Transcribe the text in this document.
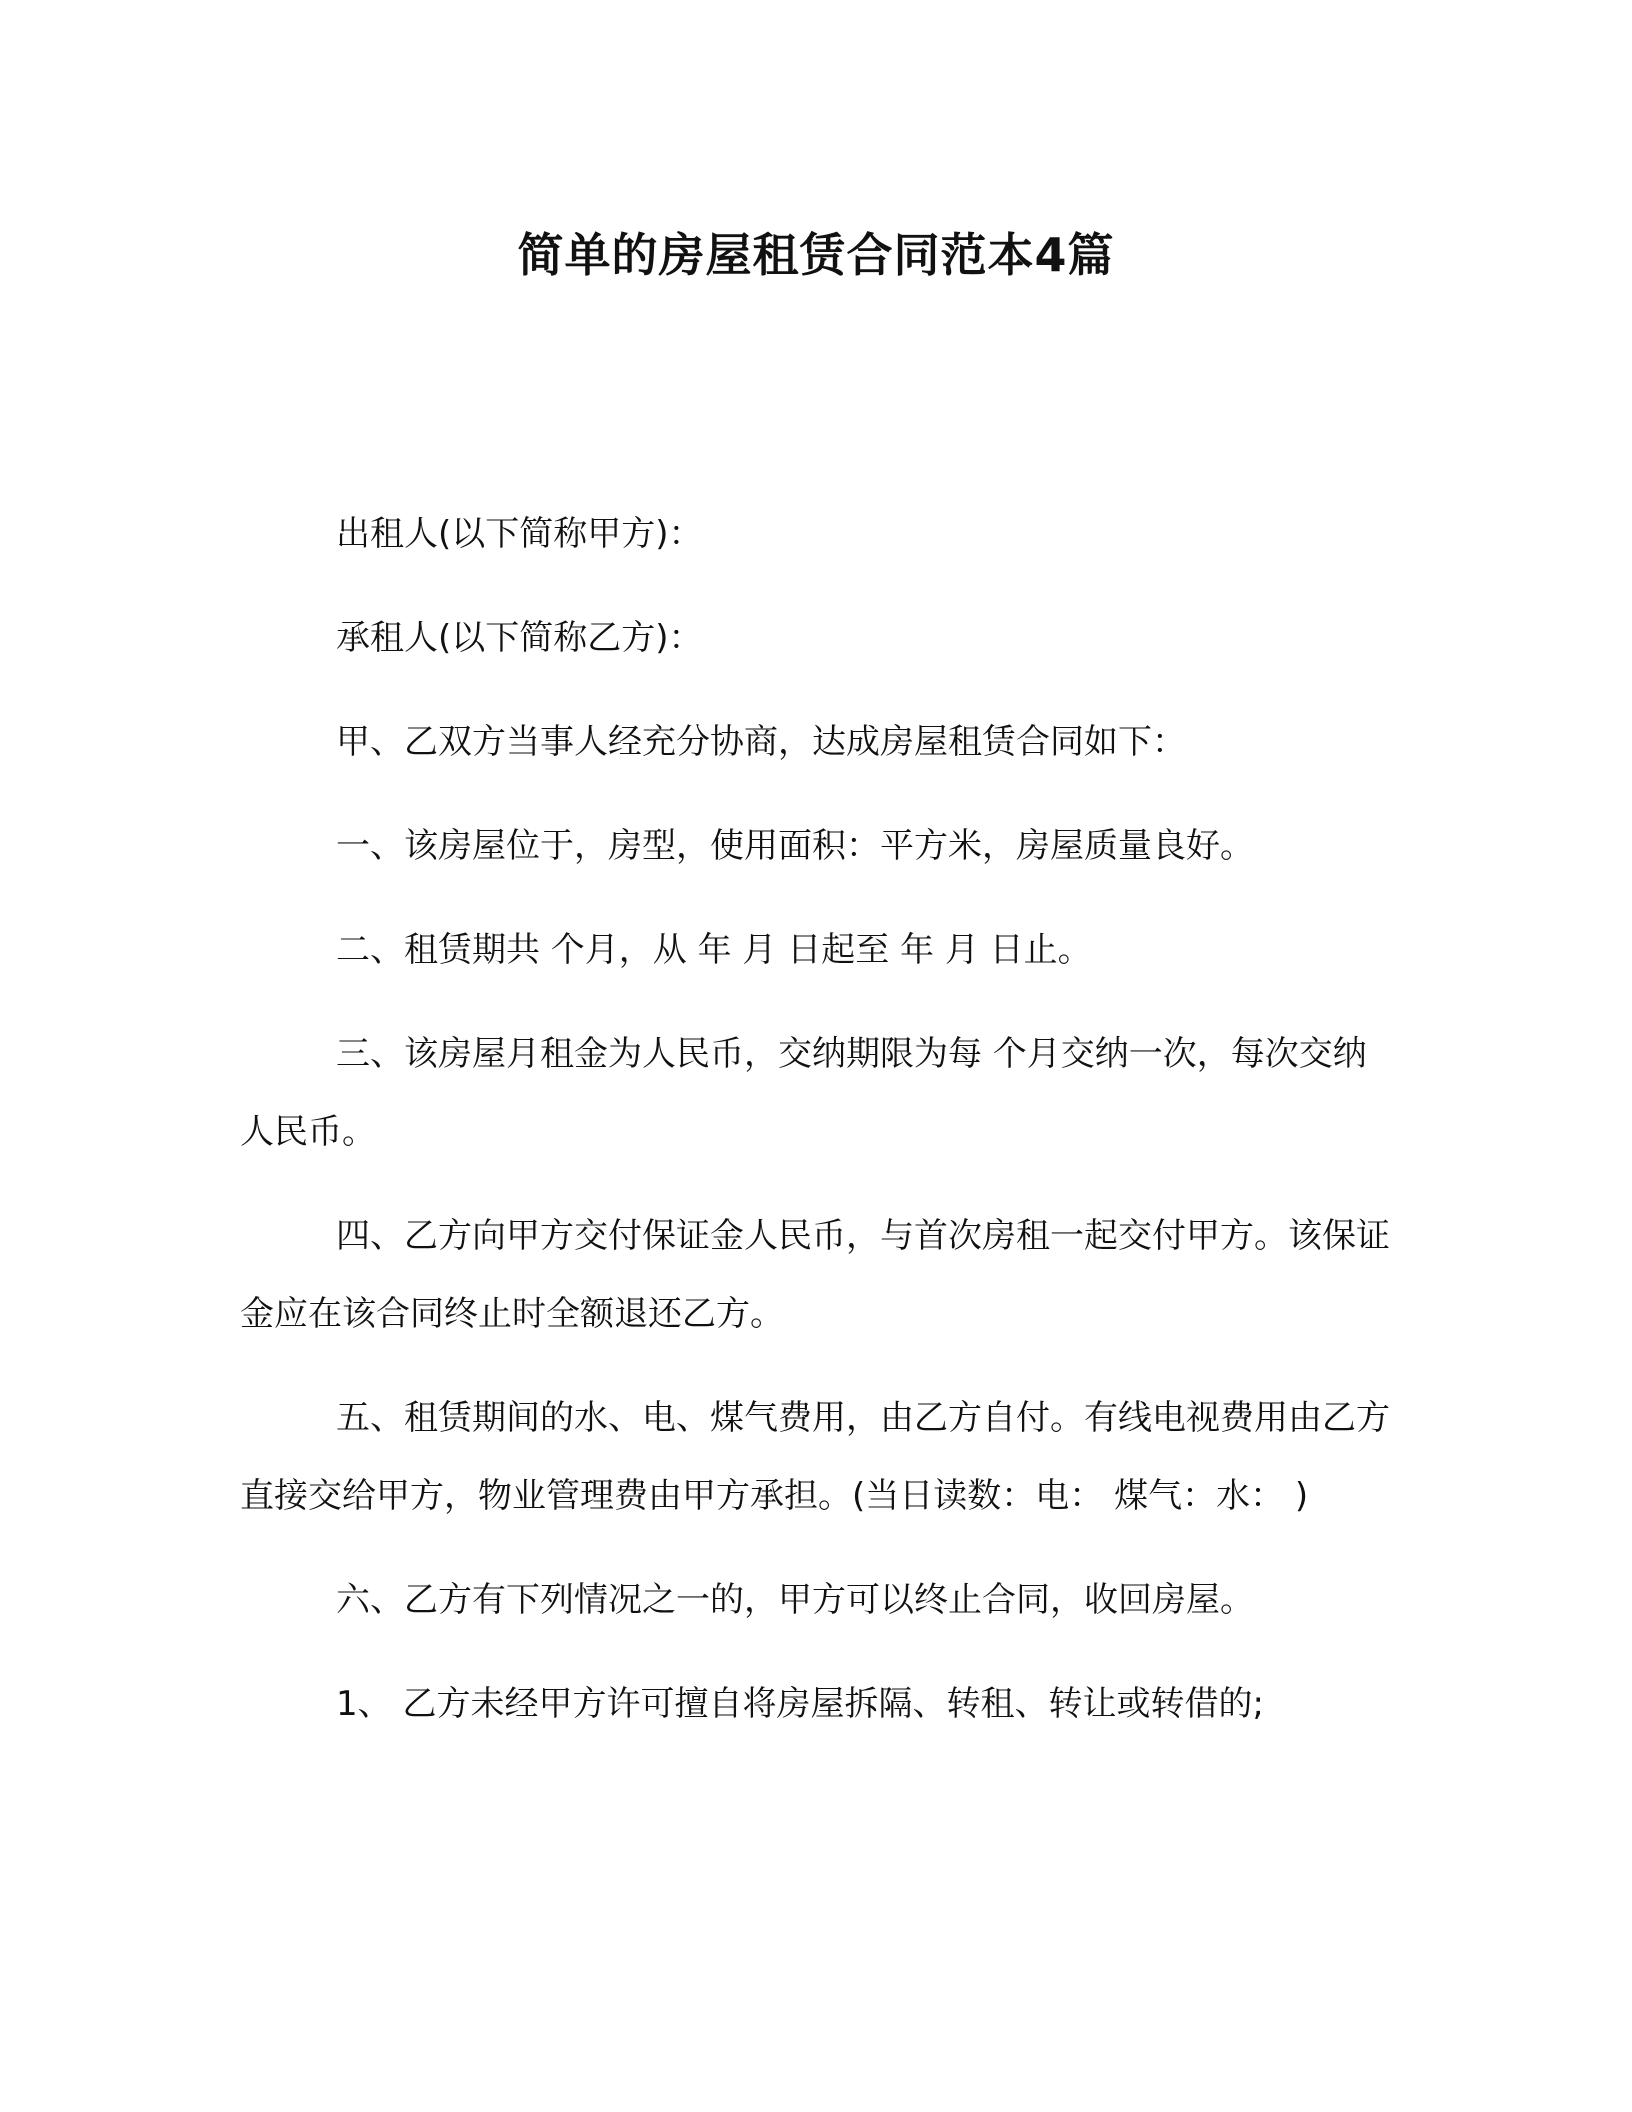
简单的房屋租赁合同范本4篇

出租人(以下简称甲方)：

承租人(以下简称乙方)：

甲、乙双方当事人经充分协商，达成房屋租赁合同如下：

一、该房屋位于，房型，使用面积：平方米，房屋质量良好。

二、租赁期共 个月，从 年 月 日起至 年 月 日止。

三、该房屋月租金为人民币，交纳期限为每 个月交纳一次，每次交纳人民币。

四、乙方向甲方交付保证金人民币，与首次房租一起交付甲方。该保证金应在该合同终止时全额退还乙方。

五、租赁期间的水、电、煤气费用，由乙方自付。有线电视费用由乙方直接交给甲方，物业管理费由甲方承担。(当日读数：电： 煤气：水： )

六、乙方有下列情况之一的，甲方可以终止合同，收回房屋。

1、 乙方未经甲方许可擅自将房屋拆隔、转租、转让或转借的;
